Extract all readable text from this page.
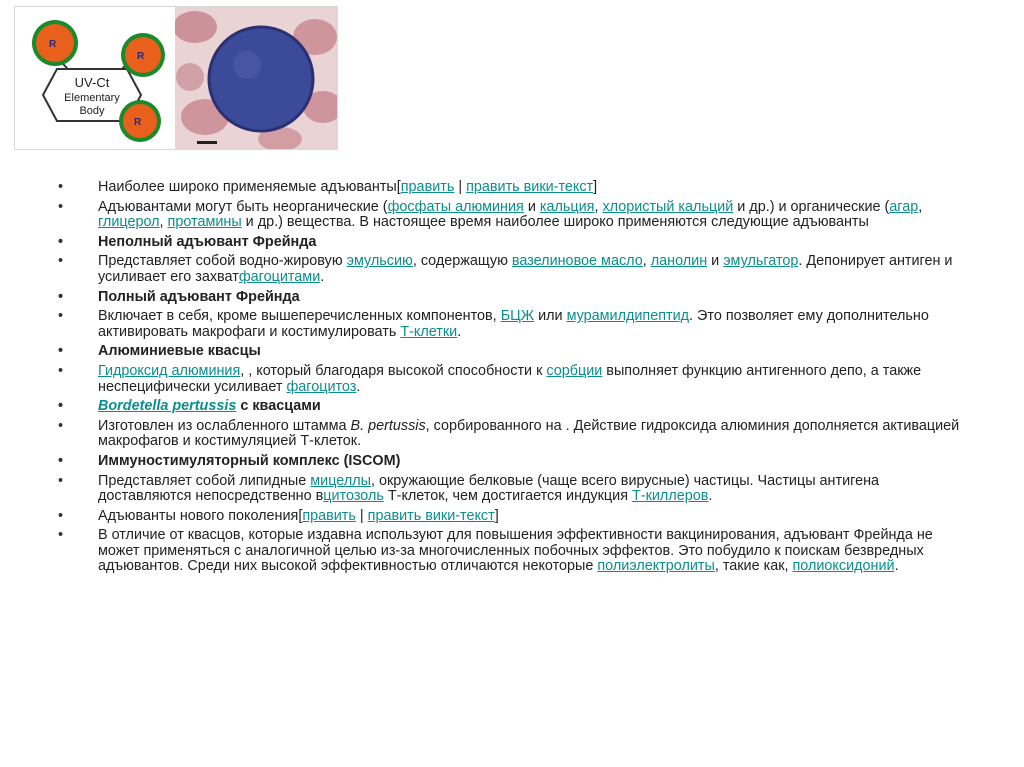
UV-Ct
Elementary
Body
R
R
R
• Наиболее широко применяемые адъюванты[править | править вики-текст]
• Адъювантами могут быть неорганические (фосфаты алюминия и кальция, хлористый кальций и др.) и органические (агар, глицерол, протамины и др.) вещества. В настоящее время наиболее широко применяются следующие адъюванты
• Неполный адъювант Фрейнда
• Представляет собой водно-жировую эмульсию, содержащую вазелиновое масло, ланолин и эмульгатор. Депонирует антиген и усиливает его захватфагоцитами.
• Полный адъювант Фрейнда
• Включает в себя, кроме вышеперечисленных компонентов, БЦЖ или мурамилдипептид. Это позволяет ему дополнительно активировать макрофаги и костимулировать Т-клетки.
• Алюминиевые квасцы
• Гидроксид алюминия, , который благодаря высокой способности к сорбции выполняет функцию антигенного депо, а также неспецифически усиливает фагоцитоз.
• Bordetella pertussis с квасцами
• Изготовлен из ослабленного штамма B. pertussis, сорбированного на . Действие гидроксида алюминия дополняется активацией макрофагов и костимуляцией Т-клеток.
• Иммуностимуляторный комплекс (ISCOM)
• Представляет собой липидные мицеллы, окружающие белковые (чаще всего вирусные) частицы. Частицы антигена доставляются непосредственно вцитозоль Т-клеток, чем достигается индукция Т-киллеров.
• Адъюванты нового поколения[править | править вики-текст]
• В отличие от квасцов, которые издавна используют для повышения эффективности вакцинирования, адъювант Фрейнда не может применяться с аналогичной целью из-за многочисленных побочных эффектов. Это побудило к поискам безвредных адъювантов. Среди них высокой эффективностью отличаются некоторые полиэлектролиты, такие как, полиоксидоний.
